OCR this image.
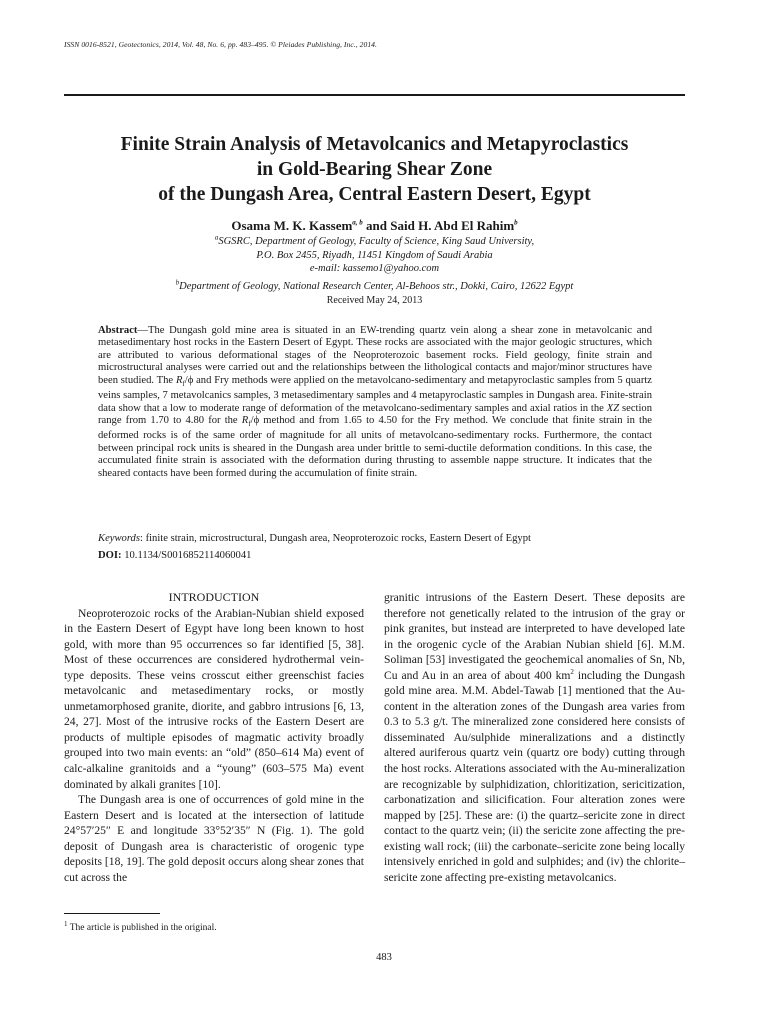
ISSN 0016-8521, Geotectonics, 2014, Vol. 48, No. 6, pp. 483–495. © Pleiades Publishing, Inc., 2014.
Finite Strain Analysis of Metavolcanics and Metapyroclastics
in Gold-Bearing Shear Zone
of the Dungash Area, Central Eastern Desert, Egypt
Osama M. K. Kassem$^{a, b}$ and Said H. Abd El Rahim$^b$
$^a$SGSRC, Department of Geology, Faculty of Science, King Saud University,
P.O. Box 2455, Riyadh, 11451 Kingdom of Saudi Arabia
e-mail: kassemo1@yahoo.com
$^b$Department of Geology, National Research Center, Al-Behoos str., Dokki, Cairo, 12622 Egypt
Received May 24, 2013
Abstract—The Dungash gold mine area is situated in an EW-trending quartz vein along a shear zone in metavolcanic and metasedimentary host rocks in the Eastern Desert of Egypt. These rocks are associated with the major geologic structures, which are attributed to various deformational stages of the Neoproterozoic basement rocks. Field geology, finite strain and microstructural analyses were carried out and the relationships between the lithological contacts and major/minor structures have been studied. The $R_f/\phi$ and Fry methods were applied on the metavolcano-sedimentary and metapyroclastic samples from 5 quartz veins samples, 7 metavolcanics samples, 3 metasedimentary samples and 4 metapyroclastic samples in Dungash area. Finite-strain data show that a low to moderate range of deformation of the metavolcano-sedimentary samples and axial ratios in the XZ section range from 1.70 to 4.80 for the $R_f/\phi$ method and from 1.65 to 4.50 for the Fry method. We conclude that finite strain in the deformed rocks is of the same order of magnitude for all units of metavolcano-sedimentary rocks. Furthermore, the contact between principal rock units is sheared in the Dungash area under brittle to semi-ductile deformation conditions. In this case, the accumulated finite strain is associated with the deformation during thrusting to assemble nappe structure. It indicates that the sheared contacts have been formed during the accumulation of finite strain.
Keywords: finite strain, microstructural, Dungash area, Neoproterozoic rocks, Eastern Desert of Egypt
DOI: 10.1134/S0016852114060041
INTRODUCTION

Neoproterozoic rocks of the Arabian-Nubian shield exposed in the Eastern Desert of Egypt have long been known to host gold, with more than 95 occurrences so far identified [5, 38]. Most of these occurrences are considered hydrothermal vein-type deposits. These veins crosscut either greenschist facies metavolcanic and metasedimentary rocks, or mostly unmetamorphosed granite, diorite, and gabbro intrusions [6, 13, 24, 27]. Most of the intrusive rocks of the Eastern Desert are products of multiple episodes of magmatic activity broadly grouped into two main events: an “old” (850–614 Ma) event of calc-alkaline granitoids and a “young” (603–575 Ma) event dominated by alkali granites [10].

The Dungash area is one of occurrences of gold mine in the Eastern Desert and is located at the intersection of latitude 24°57′25″ E and longitude 33°52′35″ N (Fig. 1). The gold deposit of Dungash area is characteristic of orogenic type deposits [18, 19]. The gold deposit occurs along shear zones that cut across the

granitic intrusions of the Eastern Desert. These deposits are therefore not genetically related to the intrusion of the gray or pink granites, but instead are interpreted to have developed late in the orogenic cycle of the Arabian Nubian shield [6]. M.M. Soliman [53] investigated the geochemical anomalies of Sn, Nb, Cu and Au in an area of about 400 $km^2$ including the Dungash gold mine area. M.M. Abdel-Tawab [1] mentioned that the Au-content in the alteration zones of the Dungash area varies from 0.3 to 5.3 g/t. The mineralized zone considered here consists of disseminated Au/sulphide mineralizations and a distinctly altered auriferous quartz vein (quartz ore body) cutting through the host rocks. Alterations associated with the Au-mineralization are recognizable by sulphidization, chloritization, sericitization, carbonatization and silicification. Four alteration zones were mapped by [25]. These are: (i) the quartz–sericite zone in direct contact to the quartz vein; (ii) the sericite zone affecting the pre-existing wall rock; (iii) the carbonate–sericite zone being locally intensively enriched in gold and sulphides; and (iv) the chlorite–sericite zone affecting pre-existing metavolcanics.

$^1$ The article is published in the original.
483
